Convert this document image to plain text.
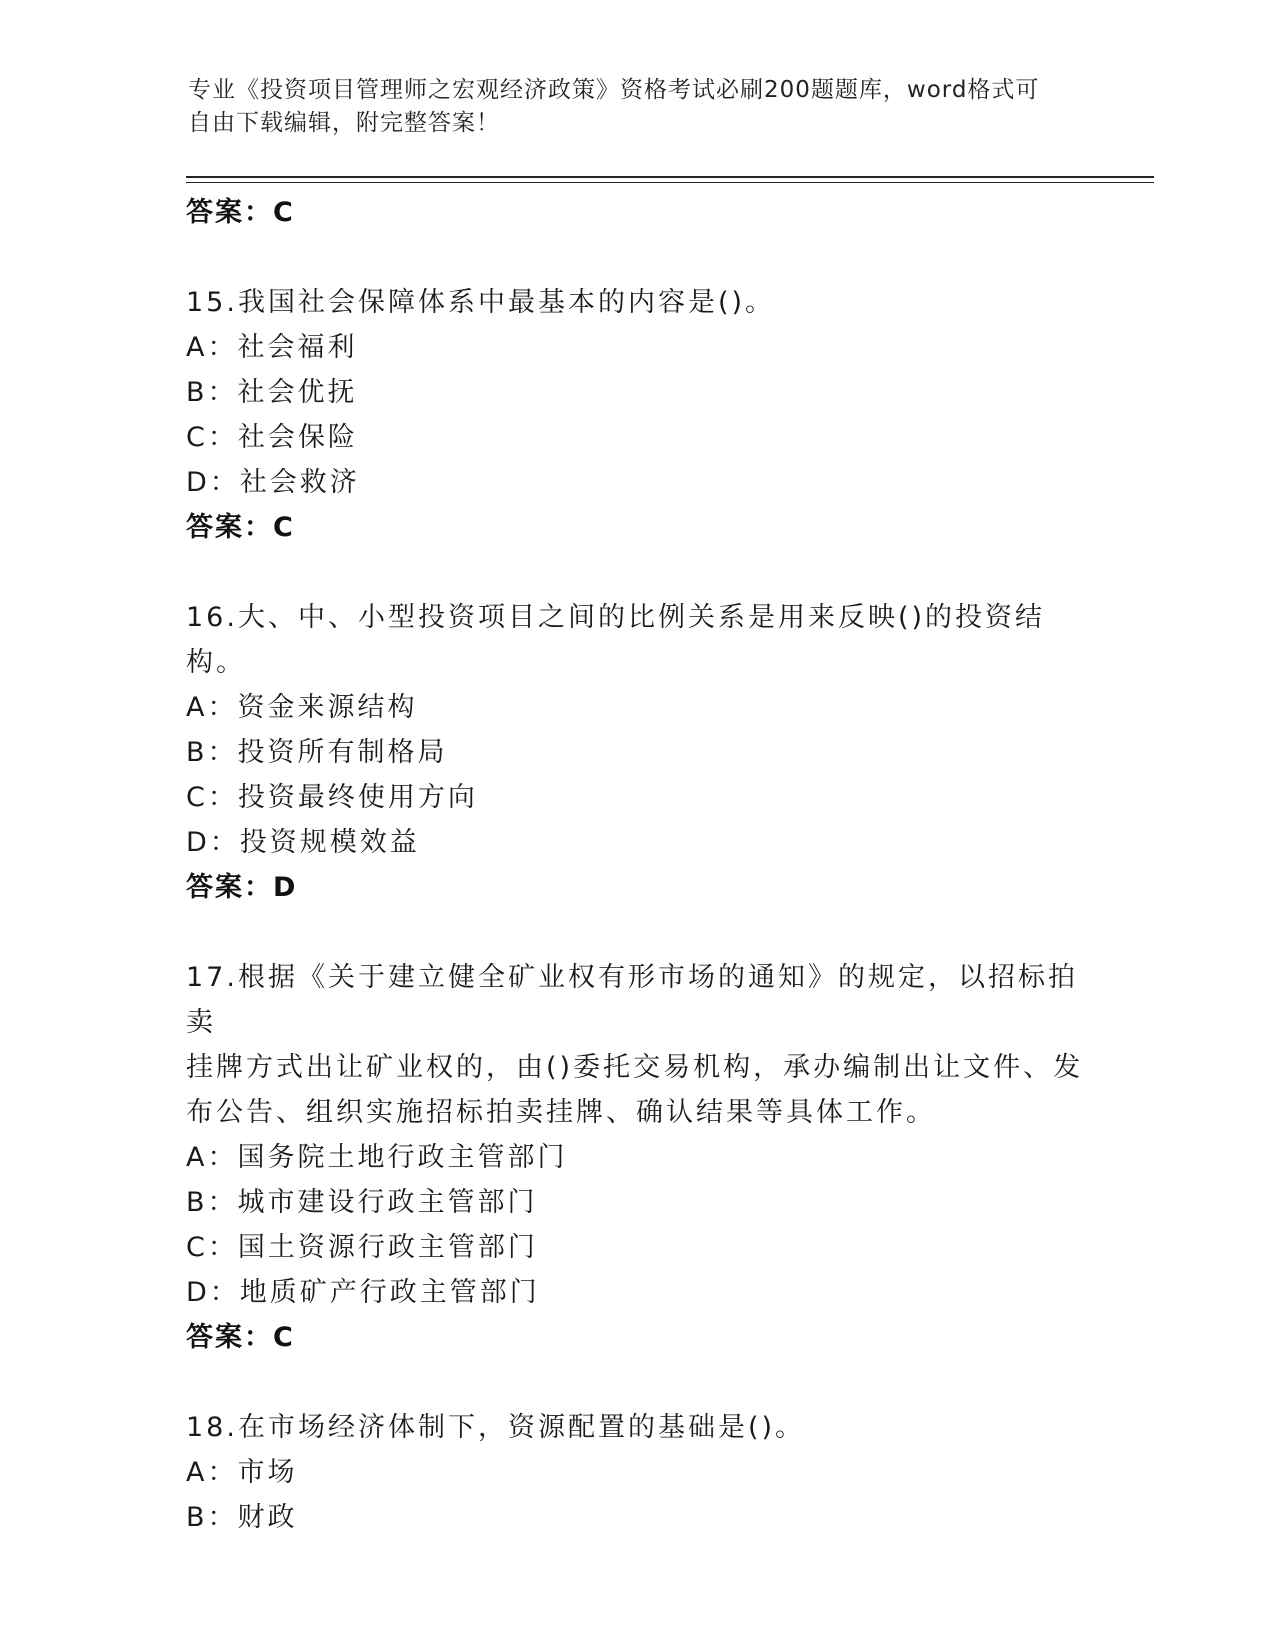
专业《投资项目管理师之宏观经济政策》资格考试必刷200题题库，word格式可
自由下载编辑，附完整答案！
答案：C
15.我国社会保障体系中最基本的内容是()。
A：社会福利
B：社会优抚
C：社会保险
D：社会救济
答案：C
16.大、中、小型投资项目之间的比例关系是用来反映()的投资结构。
A：资金来源结构
B：投资所有制格局
C：投资最终使用方向
D：投资规模效益
答案：D
17.根据《关于建立健全矿业权有形市场的通知》的规定，以招标拍卖
挂牌方式出让矿业权的，由()委托交易机构，承办编制出让文件、发
布公告、组织实施招标拍卖挂牌、确认结果等具体工作。
A：国务院土地行政主管部门
B：城市建设行政主管部门
C：国土资源行政主管部门
D：地质矿产行政主管部门
答案：C
18.在市场经济体制下，资源配置的基础是()。
A：市场
B：财政
